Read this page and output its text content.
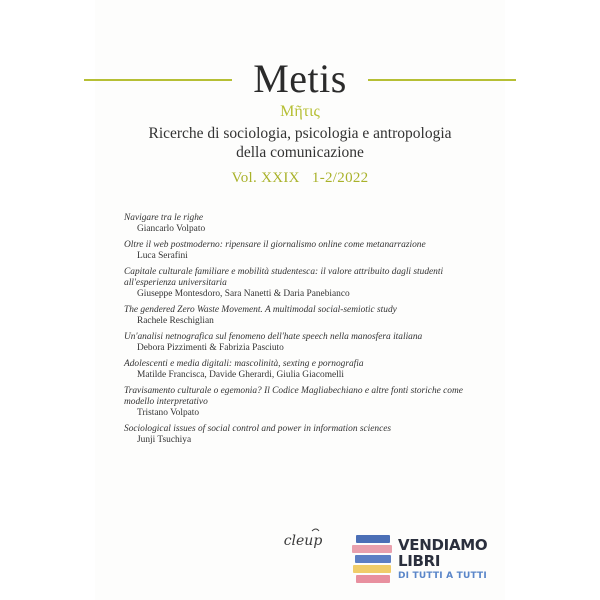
Metis
Mῆτις
Ricerche di sociologia, psicologia e antropologia
della comunicazione
Vol. XXIX   1-2/2022
Navigare tra le righe
Giancarlo Volpato
Oltre il web postmoderno: ripensare il giornalismo online come metanarrazione
Luca Serafini
Capitale culturale familiare e mobilità studentesca: il valore attribuito dagli studenti all'esperienza universitaria
Giuseppe Montesdoro, Sara Nanetti & Daria Panebianco
The gendered Zero Waste Movement. A multimodal social-semiotic study
Rachele Reschiglian
Un'analisi netnografica sul fenomeno dell'hate speech nella manosfera italiana
Debora Pizzimenti & Fabrizia Pasciuto
Adolescenti e media digitali: mascolinità, sexting e pornografia
Matilde Francisca, Davide Gherardi, Giulia Giacomelli
Travisamento culturale o egemonia? Il Codice Magliabechiano e altre fonti storiche come modello interpretativo
Tristano Volpato
Sociological issues of social control and power in information sciences
Junji Tsuchiya
cleup	VENDIAMO
LIBRI
DI TUTTI A TUTTI
